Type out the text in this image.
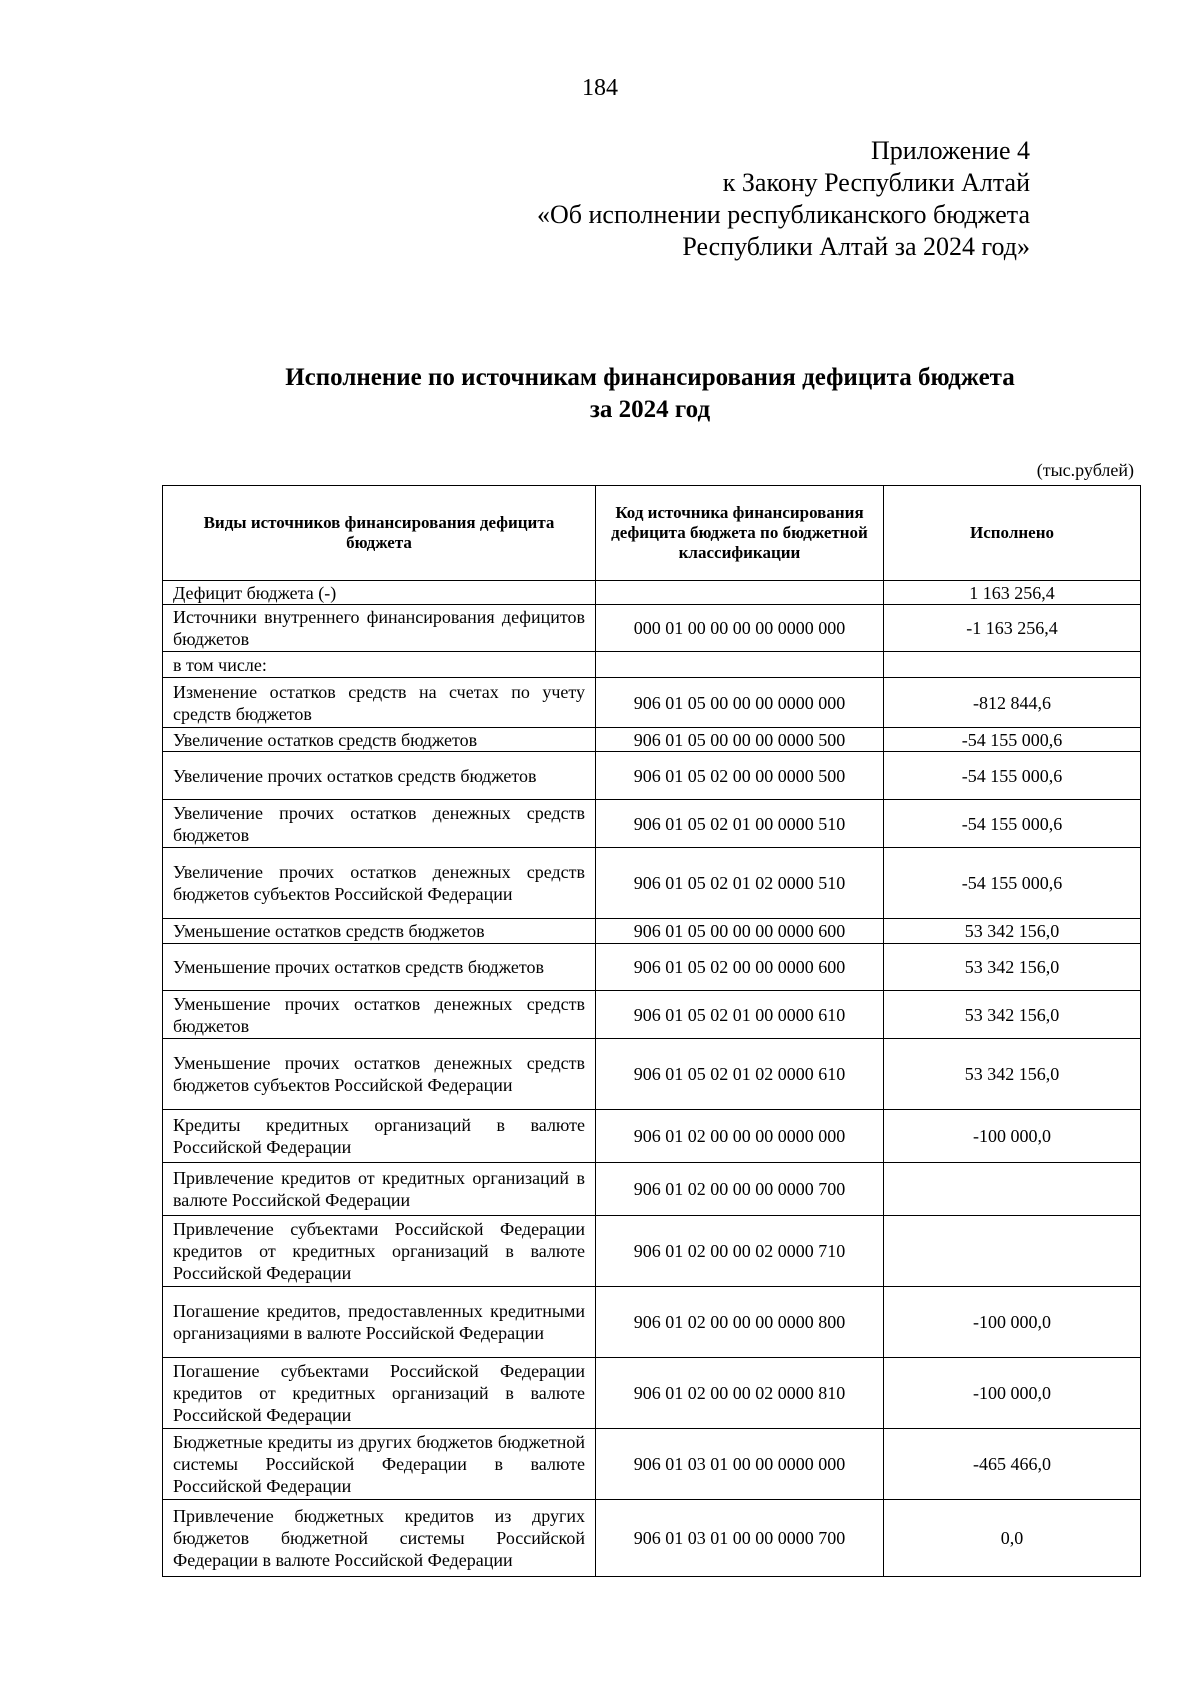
184
Приложение 4
к Закону Республики Алтай
«Об исполнении республиканского бюджета
Республики Алтай за 2024 год»
Исполнение по источникам финансирования дефицита бюджета
за 2024 год
(тыс.рублей)
Виды источников финансирования дефицита бюджета	Код источника финансирования дефицита бюджета по бюджетной классификации	Исполнено
Дефицит бюджета (-)		1 163 256,4
Источники внутреннего финансирования дефицитов бюджетов	000 01 00 00 00 00 0000 000	-1 163 256,4
в том числе:		
Изменение остатков средств на счетах по учету средств бюджетов	906 01 05 00 00 00 0000 000	-812 844,6
Увеличение остатков средств бюджетов	906 01 05 00 00 00 0000 500	-54 155 000,6
Увеличение прочих остатков средств бюджетов	906 01 05 02 00 00 0000 500	-54 155 000,6
Увеличение прочих остатков денежных средств бюджетов	906 01 05 02 01 00 0000 510	-54 155 000,6
Увеличение прочих остатков денежных средств бюджетов субъектов Российской Федерации	906 01 05 02 01 02 0000 510	-54 155 000,6
Уменьшение остатков средств бюджетов	906 01 05 00 00 00 0000 600	53 342 156,0
Уменьшение прочих остатков средств бюджетов	906 01 05 02 00 00 0000 600	53 342 156,0
Уменьшение прочих остатков денежных средств бюджетов	906 01 05 02 01 00 0000 610	53 342 156,0
Уменьшение прочих остатков денежных средств бюджетов субъектов Российской Федерации	906 01 05 02 01 02 0000 610	53 342 156,0
Кредиты кредитных организаций в валюте Российской Федерации	906 01 02 00 00 00 0000 000	-100 000,0
Привлечение кредитов от кредитных организаций в валюте Российской Федерации	906 01 02 00 00 00 0000 700	
Привлечение субъектами Российской Федерации кредитов от кредитных организаций в валюте Российской Федерации	906 01 02 00 00 02 0000 710	
Погашение кредитов, предоставленных кредитными организациями в валюте Российской Федерации	906 01 02 00 00 00 0000 800	-100 000,0
Погашение субъектами Российской Федерации кредитов от кредитных организаций в валюте Российской Федерации	906 01 02 00 00 02 0000 810	-100 000,0
Бюджетные кредиты из других бюджетов бюджетной системы Российской Федерации в валюте Российской Федерации	906 01 03 01 00 00 0000 000	-465 466,0
Привлечение бюджетных кредитов из других бюджетов бюджетной системы Российской Федерации в валюте Российской Федерации	906 01 03 01 00 00 0000 700	0,0
